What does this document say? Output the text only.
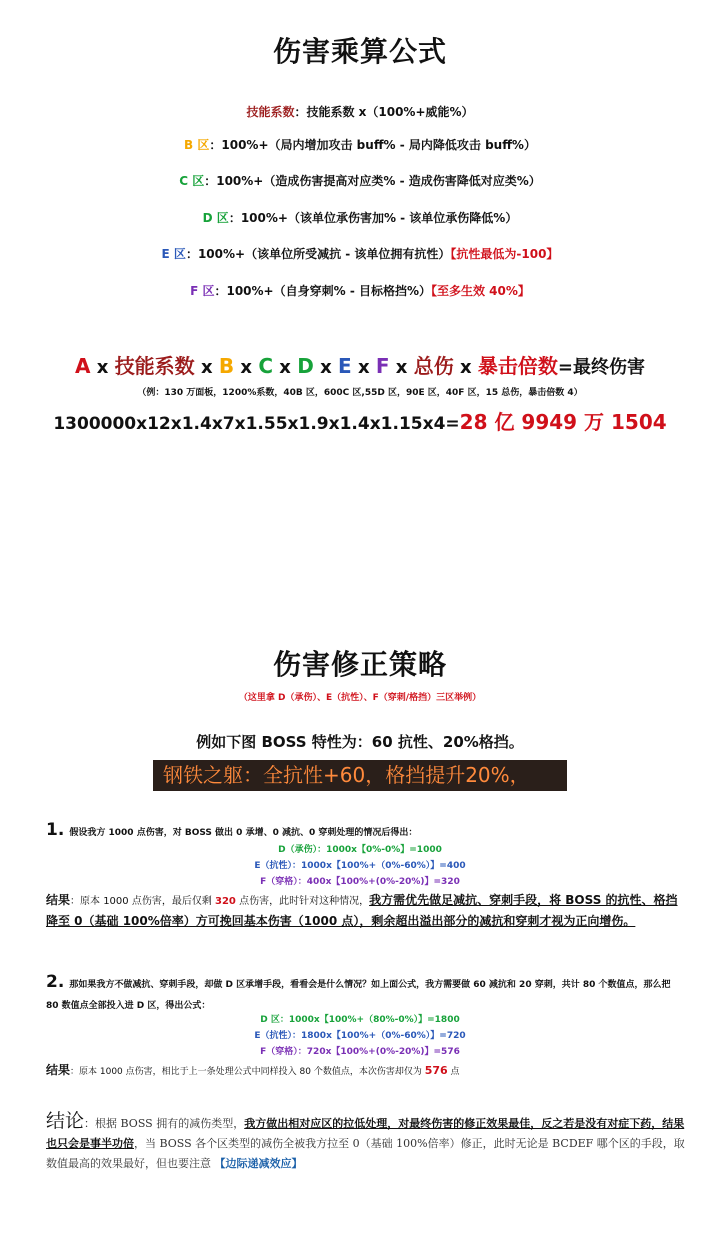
伤害乘算公式
技能系数：技能系数 x（100%+威能%）
B 区：100%+（局内增加攻击 buff% - 局内降低攻击 buff%）
C 区：100%+（造成伤害提高对应类% - 造成伤害降低对应类%）
D 区：100%+（该单位承伤害加% - 该单位承伤降低%）
E 区：100%+（该单位所受减抗 - 该单位拥有抗性）【抗性最低为-100】
F 区：100%+（自身穿刺% - 目标格挡%）【至多生效 40%】
A x 技能系数 x B x C x D x E x F x 总伤 x 暴击倍数=最终伤害
（例：130 万面板，1200%系数，40B 区，600C 区,55D 区，90E 区，40F 区，15 总伤，暴击倍数 4）
1300000x12x1.4x7x1.55x1.9x1.4x1.15x4=28 亿 9949 万 1504
伤害修正策略
（这里拿 D（承伤）、E（抗性）、F（穿刺/格挡）三区举例）
例如下图 BOSS 特性为：60 抗性、20%格挡。
钢铁之躯：全抗性+60，格挡提升20%，
1. 假设我方 1000 点伤害，对 BOSS 做出 0 承增、0 减抗、0 穿刺处理的情况后得出：
D（承伤）：1000x【0%-0%】=1000
E（抗性）：1000x【100%+（0%-60%）】=400
F（穿格）：400x【100%+(0%-20%)】=320
结果：原本 1000 点伤害，最后仅剩 320 点伤害，此时针对这种情况，我方需优先做足减抗、穿刺手段，将 BOSS 的抗性、格挡降至 0（基础 100%倍率）方可挽回基本伤害（1000 点），剩余超出溢出部分的减抗和穿刺才视为正向增伤。
2. 那如果我方不做减抗、穿刺手段，却做 D 区承增手段，看看会是什么情况？如上面公式，我方需要做 60 减抗和 20 穿刺，共计 80 个数值点，那么把 80 数值点全部投入进 D 区，得出公式：
D 区：1000x【100%+（80%-0%）】=1800
E（抗性）：1800x【100%+（0%-60%）】=720
F（穿格）：720x【100%+(0%-20%)】=576
结果：原本 1000 点伤害，相比于上一条处理公式中同样投入 80 个数值点，本次伤害却仅为 576 点
结论：根据 BOSS 拥有的减伤类型，我方做出相对应区的拉低处理，对最终伤害的修正效果最佳，反之若是没有对症下药，结果也只会是事半功倍，当 BOSS 各个区类型的减伤全被我方拉至 0（基础 100%倍率）修正，此时无论是 BCDEF 哪个区的手段，取数值最高的效果最好，但也要注意 【边际递减效应】
